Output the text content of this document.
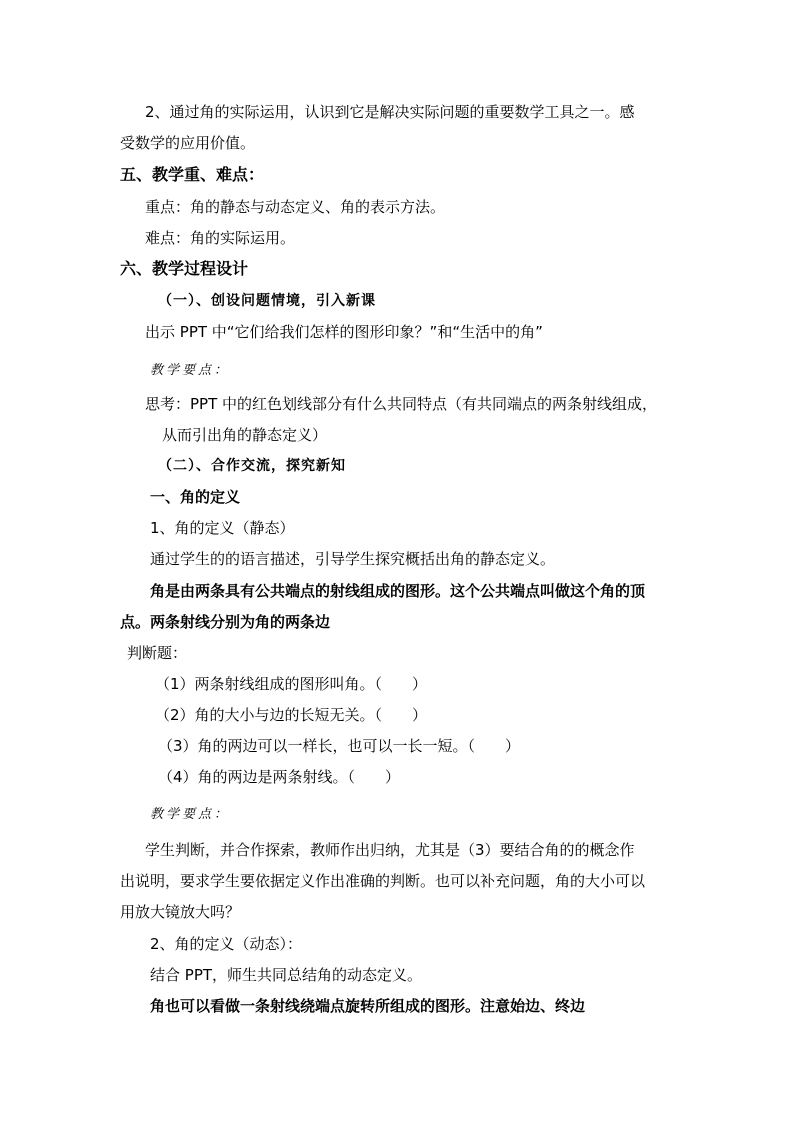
2、通过角的实际运用，认识到它是解决实际问题的重要数学工具之一。感
受数学的应用价值。
五、教学重、难点：
重点：角的静态与动态定义、角的表示方法。
难点：角的实际运用。
六、教学过程设计
（一）、创设问题情境，引入新课
出示 PPT 中“它们给我们怎样的图形印象？”和“生活中的角”
教学要点：
思考：PPT 中的红色划线部分有什么共同特点（有共同端点的两条射线组成，
从而引出角的静态定义）
（二）、合作交流，探究新知
一、角的定义
1、角的定义（静态）
通过学生的的语言描述，引导学生探究概括出角的静态定义。
角是由两条具有公共端点的射线组成的图形。这个公共端点叫做这个角的顶
点。两条射线分别为角的两条边
判断题：
（1）两条射线组成的图形叫角。（　　）
（2）角的大小与边的长短无关。（　　）
（3）角的两边可以一样长，也可以一长一短。（　　）
（4）角的两边是两条射线。（　　）
教学要点：
学生判断，并合作探索，教师作出归纳，尤其是（3）要结合角的的概念作
出说明，要求学生要依据定义作出准确的判断。也可以补充问题，角的大小可以
用放大镜放大吗？
2、角的定义（动态）：
结合 PPT，师生共同总结角的动态定义。
角也可以看做一条射线绕端点旋转所组成的图形。注意始边、终边
